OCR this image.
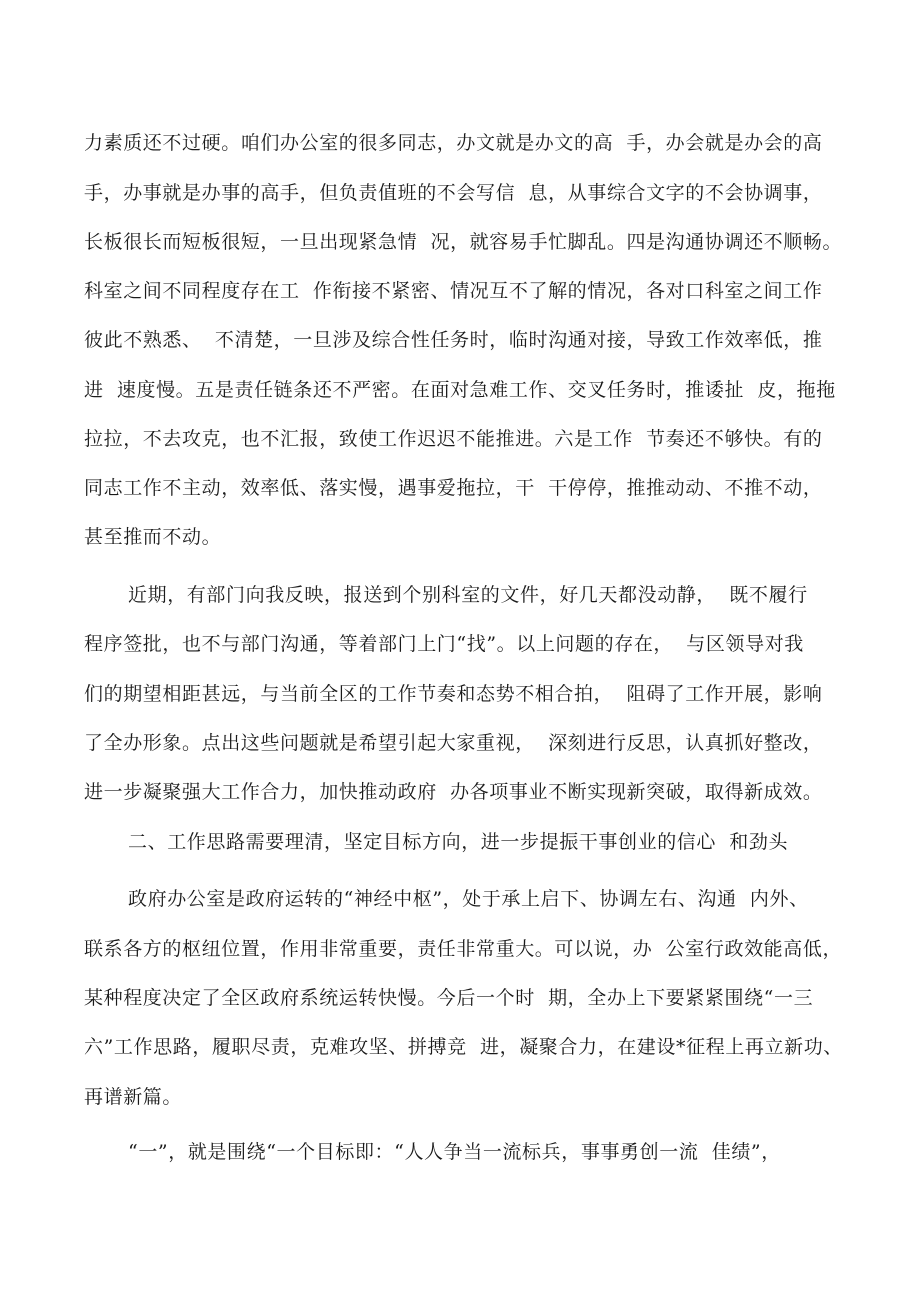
力素质还不过硬。咱们办公室的很多同志，办文就是办文的高  手，办会就是办会的高
手，办事就是办事的高手，但负责值班的不会写信  息，从事综合文字的不会协调事，
长板很长而短板很短，一旦出现紧急情  况，就容易手忙脚乱。四是沟通协调还不顺畅。
科室之间不同程度存在工  作衔接不紧密、情况互不了解的情况，各对口科室之间工作
彼此不熟悉、  不清楚，一旦涉及综合性任务时，临时沟通对接，导致工作效率低，推
进  速度慢。五是责任链条还不严密。在面对急难工作、交叉任务时，推诿扯  皮，拖拖
拉拉，不去攻克，也不汇报，致使工作迟迟不能推进。六是工作  节奏还不够快。有的
同志工作不主动，效率低、落实慢，遇事爱拖拉，干  干停停，推推动动、不推不动，
甚至推而不动。
近期，有部门向我反映，报送到个别科室的文件，好几天都没动静，  既不履行
程序签批，也不与部门沟通，等着部门上门“找”。以上问题的存在，  与区领导对我
们的期望相距甚远，与当前全区的工作节奏和态势不相合拍，  阻碍了工作开展，影响
了全办形象。点出这些问题就是希望引起大家重视，  深刻进行反思，认真抓好整改，
进一步凝聚强大工作合力，加快推动政府  办各项事业不断实现新突破，取得新成效。
二、工作思路需要理清，坚定目标方向，进一步提振干事创业的信心  和劲头
政府办公室是政府运转的“神经中枢”，处于承上启下、协调左右、沟通  内外、
联系各方的枢纽位置，作用非常重要，责任非常重大。可以说，办  公室行政效能高低，
某种程度决定了全区政府系统运转快慢。今后一个时  期，全办上下要紧紧围绕“一三
六”工作思路，履职尽责，克难攻坚、拼搏竞  进，凝聚合力，在建设*征程上再立新功、
再谱新篇。
“一”，就是围绕“一个目标即：“人人争当一流标兵，事事勇创一流  佳绩”，
